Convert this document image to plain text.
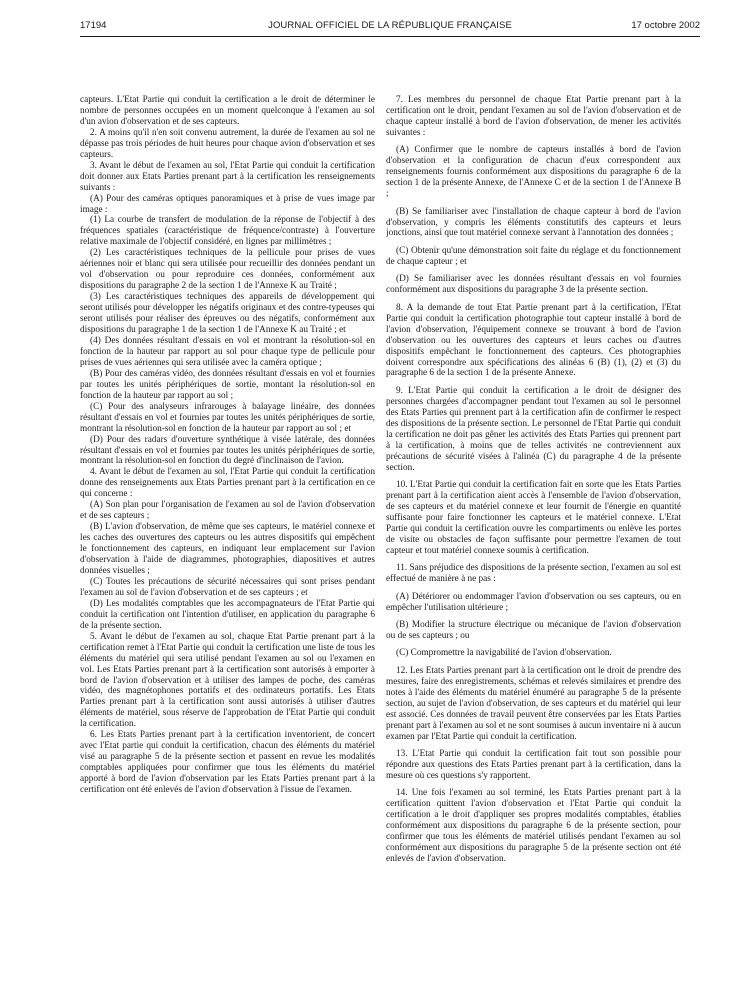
17194	JOURNAL OFFICIEL DE LA RÉPUBLIQUE FRANÇAISE	17 octobre 2002

capteurs. L'Etat Partie qui conduit la certification a le droit de déterminer le nombre de personnes occupées en un moment quelconque à l'examen au sol d'un avion d'observation et de ses capteurs.

2. A moins qu'il n'en soit convenu autrement, la durée de l'examen au sol ne dépasse pas trois périodes de huit heures pour chaque avion d'observation et ses capteurs.

3. Avant le début de l'examen au sol, l'Etat Partie qui conduit la certification doit donner aux Etats Parties prenant part à la certification les renseignements suivants :

(A) Pour des caméras optiques panoramiques et à prise de vues image par image :

(1) La courbe de transfert de modulation de la réponse de l'objectif à des fréquences spatiales (caractéristique de fréquence/contraste) à l'ouverture relative maximale de l'objectif considéré, en lignes par millimètres ;

(2) Les caractéristiques techniques de la pellicule pour prises de vues aériennes noir et blanc qui sera utilisée pour recueillir des données pendant un vol d'observation ou pour reproduire ces données, conformément aux dispositions du paragraphe 2 de la section 1 de l'Annexe K au Traité ;

(3) Les caractéristiques techniques des appareils de développement qui seront utilisés pour développer les négatifs originaux et des contre-typeuses qui seront utilisés pour réaliser des épreuves ou des négatifs, conformément aux dispositions du paragraphe 1 de la section 1 de l'Annexe K au Traité ; et

(4) Des données résultant d'essais en vol et montrant la résolution-sol en fonction de la hauteur par rapport au sol pour chaque type de pellicule pour prises de vues aériennes qui sera utilisée avec la caméra optique ;

(B) Pour des caméras vidéo, des données résultant d'essais en vol et fournies par toutes les unités périphériques de sortie, montant la résolution-sol en fonction de la hauteur par rapport au sol ;

(C) Pour des analyseurs infrarouges à balayage linéaire, des données résultant d'essais en vol et fournies par toutes les unités périphériques de sortie, montrant la résolution-sol en fonction de la hauteur par rapport au sol ; et

(D) Pour des radars d'ouverture synthétique à visée latérale, des données résultant d'essais en vol et fournies par toutes les unités périphériques de sortie, montrant la résolution-sol en fonction du degré d'inclinaison de l'avion.

4. Avant le début de l'examen au sol, l'Etat Partie qui conduit la certification donne des renseignements aux Etats Parties prenant part à la certification en ce qui concerne :

(A) Son plan pour l'organisation de l'examen au sol de l'avion d'observation et de ses capteurs ;

(B) L'avion d'observation, de même que ses capteurs, le matériel connexe et les caches des ouvertures des capteurs ou les autres dispositifs qui empêchent le fonctionnement des capteurs, en indiquant leur emplacement sur l'avion d'observation à l'aide de diagrammes, photographies, diapositives et autres données visuelles ;

(C) Toutes les précautions de sécurité nécessaires qui sont prises pendant l'examen au sol de l'avion d'observation et de ses capteurs ; et

(D) Les modalités comptables que les accompagnateurs de l'Etat Partie qui conduit la certification ont l'intention d'utiliser, en application du paragraphe 6 de la présente section.

5. Avant le début de l'examen au sol, chaque Etat Partie prenant part à la certification remet à l'Etat Partie qui conduit la certification une liste de tous les éléments du matériel qui sera utilisé pendant l'examen au sol ou l'examen en vol. Les Etats Parties prenant part à la certification sont autorisés à emporter à bord de l'avion d'observation et à utiliser des lampes de poche, des caméras vidéo, des magnétophones portatifs et des ordinateurs portatifs. Les Etats Parties prenant part à la certification sont aussi autorisés à utiliser d'autres éléments de matériel, sous réserve de l'approbation de l'Etat Partie qui conduit la certification.

6. Les Etats Parties prenant part à la certification inventorient, de concert avec l'Etat partie qui conduit la certification, chacun des éléments du matériel visé au paragraphe 5 de la présente section et passent en revue les modalités comptables appliquées pour confirmer que tous les éléments du matériel apporté à bord de l'avion d'observation par les Etats Parties prenant part à la certification ont été enlevés de l'avion d'observation à l'issue de l'examen.

7. Les membres du personnel de chaque Etat Partie prenant part à la certification ont le droit, pendant l'examen au sol de l'avion d'observation et de chaque capteur installé à bord de l'avion d'observation, de mener les activités suivantes :

(A) Confirmer que le nombre de capteurs installés à bord de l'avion d'observation et la configuration de chacun d'eux correspondent aux renseignements fournis conformément aux dispositions du paragraphe 6 de la section 1 de la présente Annexe, de l'Annexe C et de la section 1 de l'Annexe B ;

(B) Se familiariser avec l'installation de chaque capteur à bord de l'avion d'observation, y compris les éléments constitutifs des capteurs et leurs jonctions, ainsi que tout matériel connexe servant à l'annotation des données ;

(C) Obtenir qu'une démonstration soit faite du réglage et du fonctionnement de chaque capteur ; et

(D) Se familiariser avec les données résultant d'essais en vol fournies conformément aux dispositions du paragraphe 3 de la présente section.

8. A la demande de tout Etat Partie prenant part à la certification, l'Etat Partie qui conduit la certification photographie tout capteur installé à bord de l'avion d'observation, l'équipement connexe se trouvant à bord de l'avion d'observation ou les ouvertures des capteurs et leurs caches ou d'autres dispositifs empêchant le fonctionnement des capteurs. Ces photographies doivent correspondre aux spécifications des alinéas 6 (B) (1), (2) et (3) du paragraphe 6 de la section 1 de la présente Annexe.

9. L'Etat Partie qui conduit la certification a le droit de désigner des personnes chargées d'accompagner pendant tout l'examen au sol le personnel des Etats Parties qui prennent part à la certification afin de confirmer le respect des dispositions de la présente section. Le personnel de l'Etat Partie qui conduit la certification ne doit pas gêner les activités des Etats Parties qui prennent part à la certification, à moins que de telles activités ne contreviennent aux précautions de sécurité visées à l'alinéa (C) du paragraphe 4 de la présente section.

10. L'Etat Partie qui conduit la certification fait en sorte que les Etats Parties prenant part à la certification aient accès à l'ensemble de l'avion d'observation, de ses capteurs et du matériel connexe et leur fournit de l'énergie en quantité suffisante pour faire fonctionner les capteurs et le matériel connexe. L'Etat Partie qui conduit la certification ouvre les compartiments ou enlève les portes de visite ou obstacles de façon suffisante pour permettre l'examen de tout capteur et tout matériel connexe soumis à certification.

11. Sans préjudice des dispositions de la présente section, l'examen au sol est effectué de manière à ne pas :

(A) Détériorer ou endommager l'avion d'observation ou ses capteurs, ou en empêcher l'utilisation ultérieure ;

(B) Modifier la structure électrique ou mécanique de l'avion d'observation ou de ses capteurs ; ou

(C) Compromettre la navigabilité de l'avion d'observation.

12. Les Etats Parties prenant part à la certification ont le droit de prendre des mesures, faire des enregistrements, schémas et relevés similaires et prendre des notes à l'aide des éléments du matériel énuméré au paragraphe 5 de la présente section, au sujet de l'avion d'observation, de ses capteurs et du matériel qui leur est associé. Ces données de travail peuvent être conservées par les Etats Parties prenant part à l'examen au sol et ne sont soumises à aucun inventaire ni à aucun examen par l'Etat Partie qui conduit la certification.

13. L'Etat Partie qui conduit la certification fait tout son possible pour répondre aux questions des Etats Parties prenant part à la certification, dans la mesure où ces questions s'y rapportent.

14. Une fois l'examen au sol terminé, les Etats Parties prenant part à la certification quittent l'avion d'observation et l'Etat Partie qui conduit la certification a le droit d'appliquer ses propres modalités comptables, établies conformément aux dispositions du paragraphe 6 de la présente section, pour confirmer que tous les éléments de matériel utilisés pendant l'examen au sol conformément aux dispositions du paragraphe 5 de la présente section ont été enlevés de l'avion d'observation.
